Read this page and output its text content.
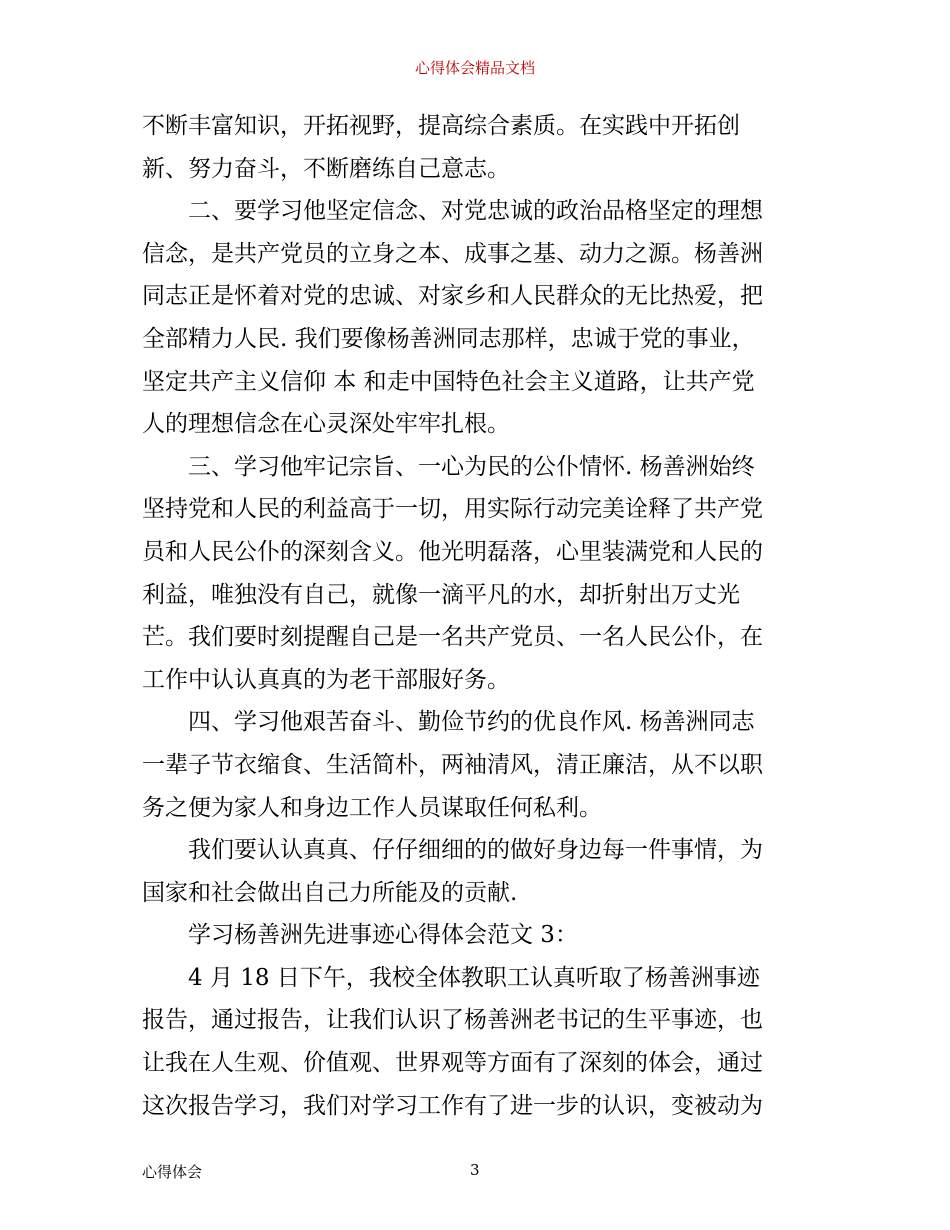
心得体会精品文档
不断丰富知识，开拓视野，提高综合素质。在实践中开拓创
新、努力奋斗，不断磨练自己意志。
　　二、要学习他坚定信念、对党忠诚的政治品格坚定的理想
信念，是共产党员的立身之本、成事之基、动力之源。杨善洲
同志正是怀着对党的忠诚、对家乡和人民群众的无比热爱，把
全部精力人民. 我们要像杨善洲同志那样，忠诚于党的事业，
坚定共产主义信仰 本 和走中国特色社会主义道路，让共产党
人的理想信念在心灵深处牢牢扎根。
　　三、学习他牢记宗旨、一心为民的公仆情怀. 杨善洲始终
坚持党和人民的利益高于一切，用实际行动完美诠释了共产党
员和人民公仆的深刻含义。他光明磊落，心里装满党和人民的
利益，唯独没有自己，就像一滴平凡的水，却折射出万丈光
芒。我们要时刻提醒自己是一名共产党员、一名人民公仆，在
工作中认认真真的为老干部服好务。
　　四、学习他艰苦奋斗、勤俭节约的优良作风. 杨善洲同志
一辈子节衣缩食、生活简朴，两袖清风，清正廉洁，从不以职
务之便为家人和身边工作人员谋取任何私利。
　　我们要认认真真、仔仔细细的的做好身边每一件事情，为
国家和社会做出自己力所能及的贡献.
　　学习杨善洲先进事迹心得体会范文 3：
　　4 月 18 日下午，我校全体教职工认真听取了杨善洲事迹
报告，通过报告，让我们认识了杨善洲老书记的生平事迹，也
让我在人生观、价值观、世界观等方面有了深刻的体会，通过
这次报告学习，我们对学习工作有了进一步的认识，变被动为
心得体会	3
